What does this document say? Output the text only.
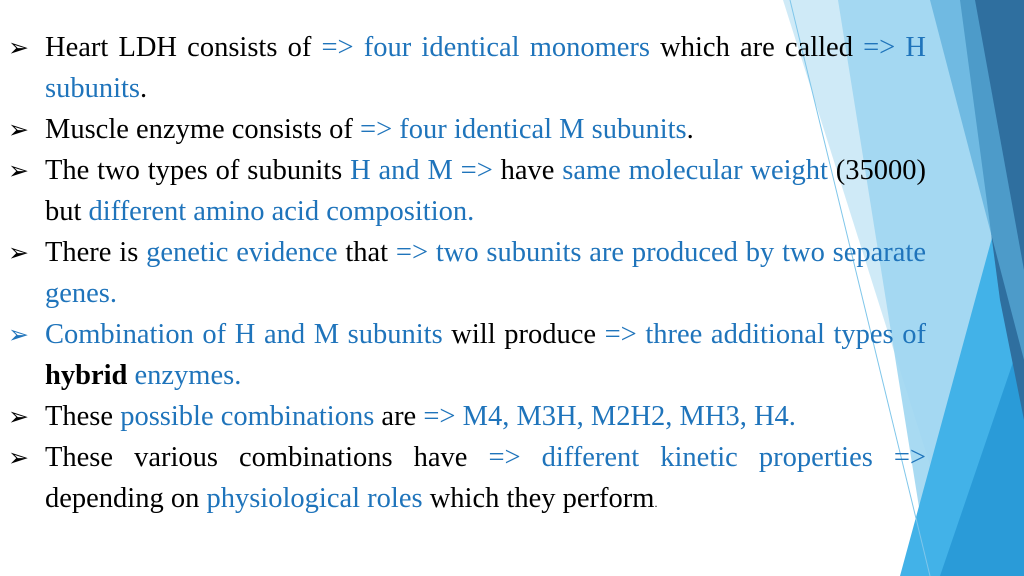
➢ Heart LDH consists of => four identical monomers which are called => H subunits.
➢ Muscle enzyme consists of => four identical M subunits.
➢ The two types of subunits H and M => have same molecular weight (35000) but different amino acid composition.
➢ There is genetic evidence that => two subunits are produced by two separate genes.
➢ Combination of H and M subunits will produce => three additional types of hybrid enzymes.
➢ These possible combinations are => M4, M3H, M2H2, MH3, H4.
➢ These various combinations have => different kinetic properties => depending on physiological roles which they perform.
